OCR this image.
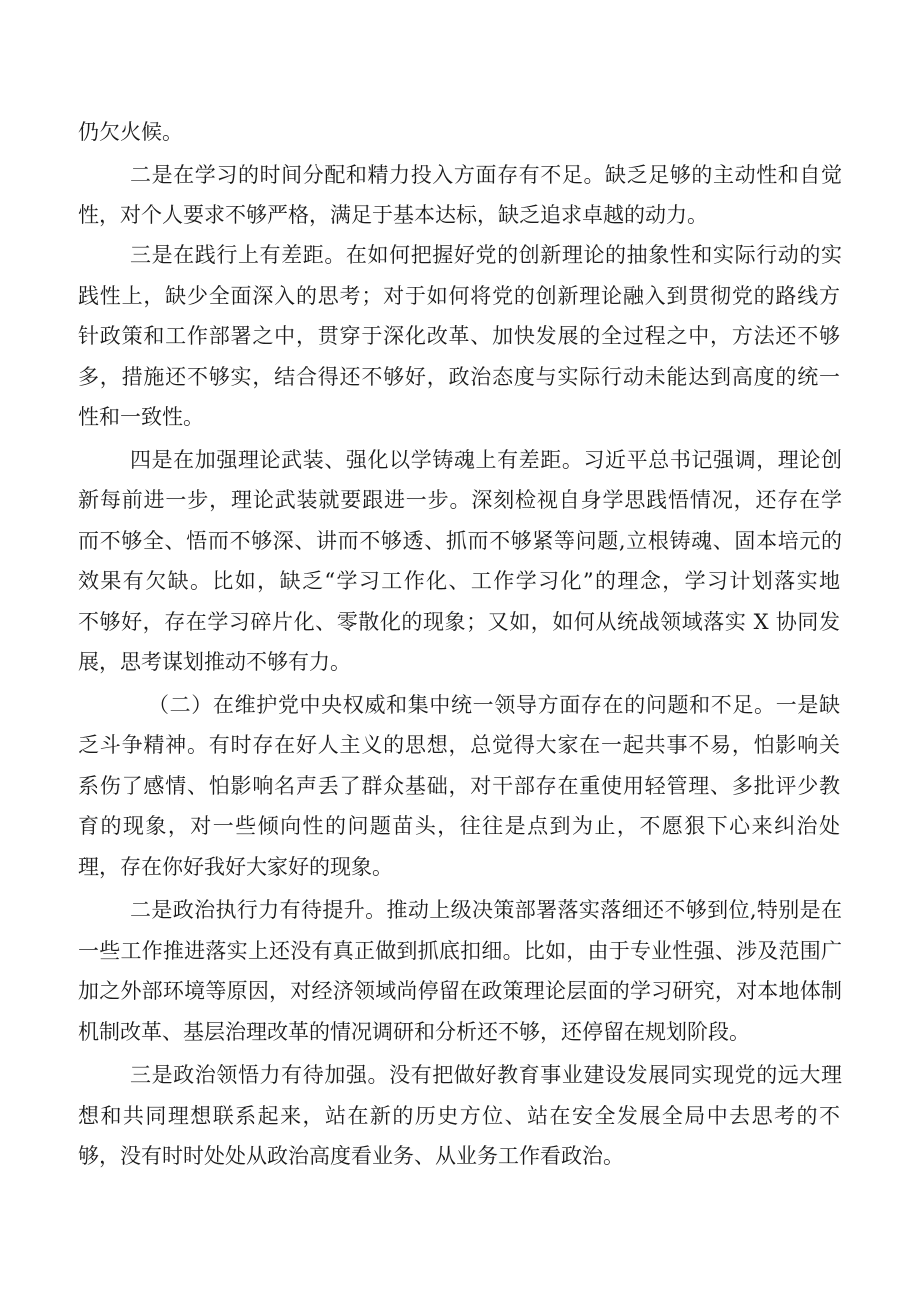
仍欠火候。
二是在学习的时间分配和精力投入方面存有不足。缺乏足够的主动性和自觉
性，对个人要求不够严格，满足于基本达标，缺乏追求卓越的动力。
三是在践行上有差距。在如何把握好党的创新理论的抽象性和实际行动的实
践性上，缺少全面深入的思考；对于如何将党的创新理论融入到贯彻党的路线方
针政策和工作部署之中，贯穿于深化改革、加快发展的全过程之中，方法还不够
多，措施还不够实，结合得还不够好，政治态度与实际行动未能达到高度的统一
性和一致性。
四是在加强理论武装、强化以学铸魂上有差距。习近平总书记强调，理论创
新每前进一步，理论武装就要跟进一步。深刻检视自身学思践悟情况，还存在学
而不够全、悟而不够深、讲而不够透、抓而不够紧等问题,立根铸魂、固本培元的
效果有欠缺。比如，缺乏“学习工作化、工作学习化”的理念，学习计划落实地
不够好，存在学习碎片化、零散化的现象；又如，如何从统战领域落实 X 协同发
展，思考谋划推动不够有力。
（二）在维护党中央权威和集中统一领导方面存在的问题和不足。一是缺
乏斗争精神。有时存在好人主义的思想，总觉得大家在一起共事不易，怕影响关
系伤了感情、怕影响名声丢了群众基础，对干部存在重使用轻管理、多批评少教
育的现象，对一些倾向性的问题苗头，往往是点到为止，不愿狠下心来纠治处
理，存在你好我好大家好的现象。
二是政治执行力有待提升。推动上级决策部署落实落细还不够到位,特别是在
一些工作推进落实上还没有真正做到抓底扣细。比如，由于专业性强、涉及范围广
加之外部环境等原因，对经济领域尚停留在政策理论层面的学习研究，对本地体制
机制改革、基层治理改革的情况调研和分析还不够，还停留在规划阶段。
三是政治领悟力有待加强。没有把做好教育事业建设发展同实现党的远大理
想和共同理想联系起来，站在新的历史方位、站在安全发展全局中去思考的不
够，没有时时处处从政治高度看业务、从业务工作看政治。
